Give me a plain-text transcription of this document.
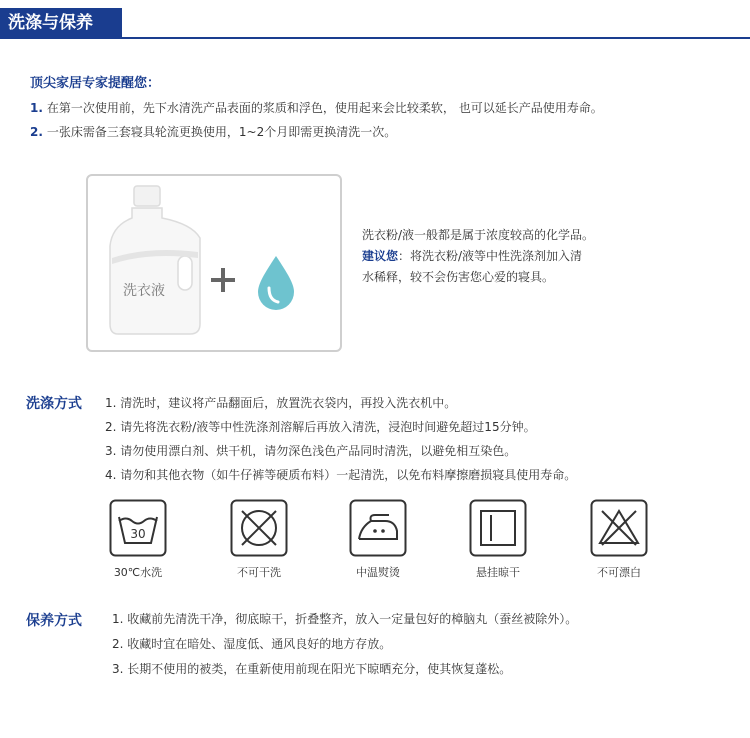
洗涤与保养
顶尖家居专家提醒您：
1. 在第一次使用前，先下水清洗产品表面的浆质和浮色，使用起来会比较柔软， 也可以延长产品使用寿命。
2. 一张床需备三套寝具轮流更换使用，1~2个月即需更换清洗一次。
洗衣液
洗衣粉/液一般都是属于浓度较高的化学品。
建议您：将洗衣粉/液等中性洗涤剂加入清
水稀释，较不会伤害您心爱的寝具。
洗涤方式 1. 清洗时，建议将产品翻面后，放置洗衣袋内，再投入洗衣机中。
2. 请先将洗衣粉/液等中性洗涤剂溶解后再放入清洗，浸泡时间避免超过15分钟。
3. 请勿使用漂白剂、烘干机，请勿深色浅色产品同时清洗，以避免相互染色。
4. 请勿和其他衣物（如牛仔裤等硬质布料）一起清洗，以免布料摩擦磨损寝具使用寿命。
30
30℃水洗	不可干洗	中温熨烫	悬挂晾干	不可漂白
保养方式	1. 收藏前先清洗干净，彻底晾干，折叠整齐，放入一定量包好的樟脑丸（蚕丝被除外）。
2. 收藏时宜在暗处、湿度低、通风良好的地方存放。
3. 长期不使用的被类，在重新使用前现在阳光下晾晒充分，使其恢复蓬松。
